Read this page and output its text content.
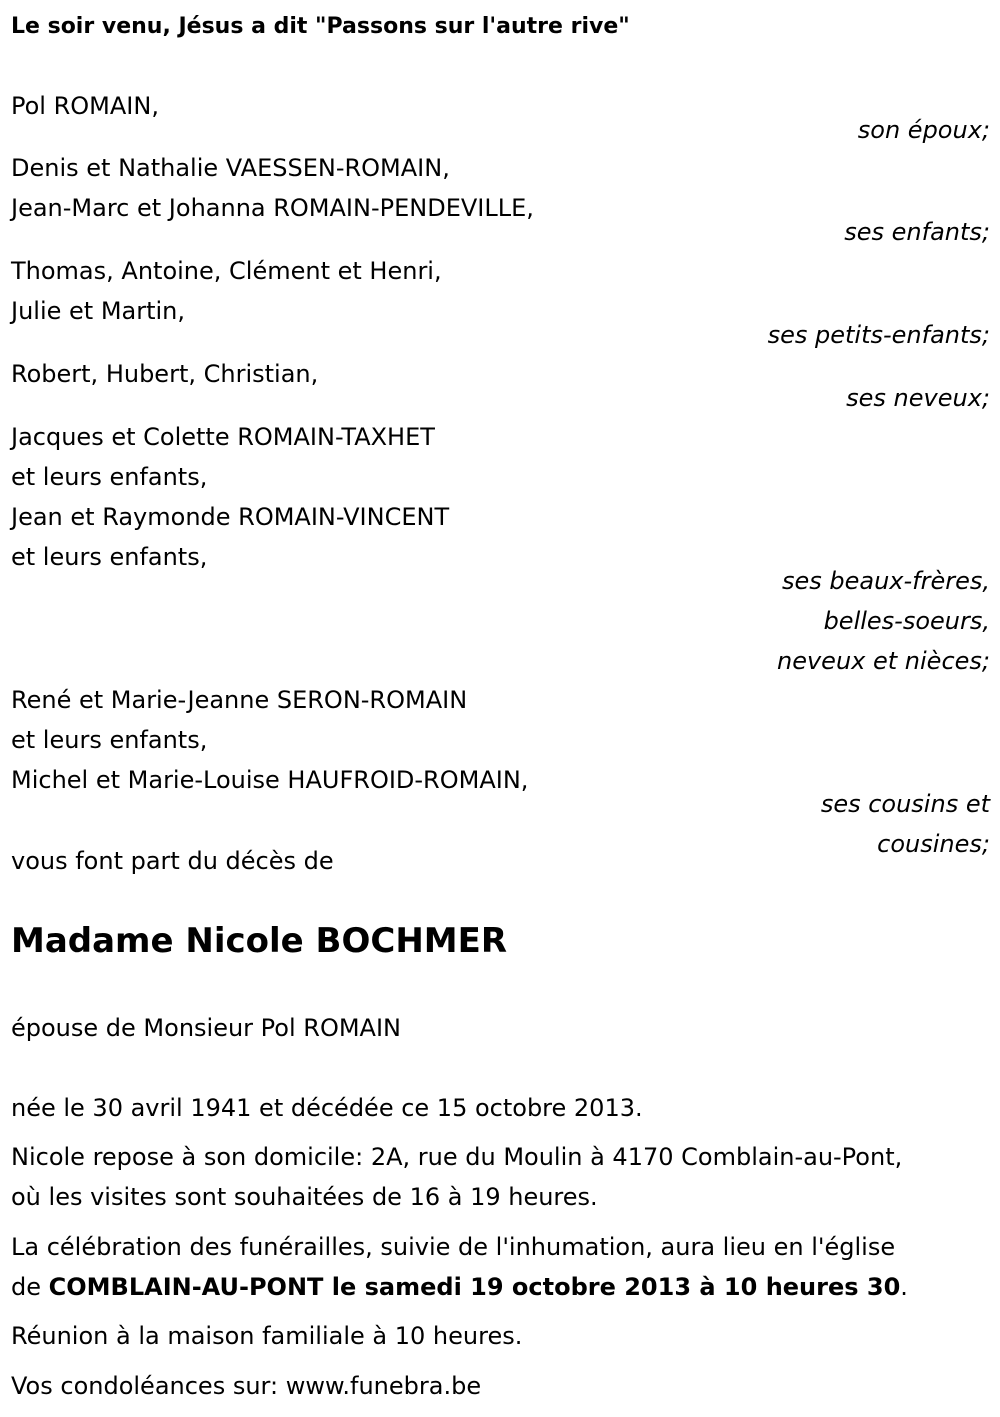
Le soir venu, Jésus a dit "Passons sur l'autre rive"
Pol ROMAIN,
son époux;
Denis et Nathalie VAESSEN-ROMAIN,
Jean-Marc et Johanna ROMAIN-PENDEVILLE,
ses enfants;
Thomas, Antoine, Clément et Henri,
Julie et Martin,
ses petits-enfants;
Robert, Hubert, Christian,
ses neveux;
Jacques et Colette ROMAIN-TAXHET
et leurs enfants,
Jean et Raymonde ROMAIN-VINCENT
et leurs enfants,
ses beaux-frères,
belles-soeurs,
neveux et nièces;
René et Marie-Jeanne SERON-ROMAIN
et leurs enfants,
Michel et Marie-Louise HAUFROID-ROMAIN,
ses cousins et
cousines;
vous font part du décès de
Madame Nicole BOCHMER
épouse de Monsieur Pol ROMAIN
née le 30 avril 1941 et décédée ce 15 octobre 2013.
Nicole repose à son domicile: 2A, rue du Moulin à 4170 Comblain-au-Pont,
où les visites sont souhaitées de 16 à 19 heures.
La célébration des funérailles, suivie de l'inhumation, aura lieu en l'église
de COMBLAIN-AU-PONT le samedi 19 octobre 2013 à 10 heures 30.
Réunion à la maison familiale à 10 heures.
Vos condoléances sur: www.funebra.be
